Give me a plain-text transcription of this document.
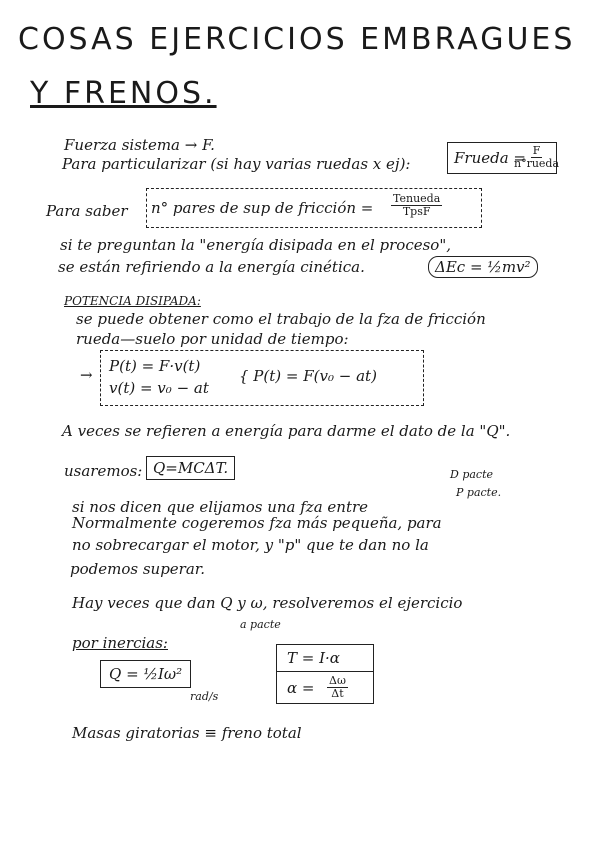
COSAS EJERCICIOS EMBRAGUES
Y FRENOS.
Fuerza sistema → F.
Para particularizar (si hay varias ruedas x ej):	Frueda = F
n°rueda
Para saber n° pares de sup de fricción =
Tenueda
TpsF
si te preguntan la "energía disipada en el proceso",
se están refiriendo a la energía cinética.	ΔEc = ½mv²
POTENCIA DISIPADA:
se puede obtener como el trabajo de la fza de fricción
rueda—suelo por unidad de tiempo:
→ P(t) = F·v(t)
v(t) = v₀ − at
{ P(t) = F(v₀ − at)
A veces se refieren a energía para darme el dato de la "Q".
usaremos: Q=MCΔT.
si nos dicen que elijamos una fza entre
D pacte
P pacte.
Normalmente cogeremos fza más pequeña, para
no sobrecargar el motor, y "p" que te dan no la
podemos superar.
Hay veces que dan Q y ω, resolveremos el ejercicio
a pacte
por inercias:
Q = ½Iω²
rad/s
T = I·α
$\alpha = \frac{\Delta\omega}{\Delta t}$
Masas giratorias ≡ freno total
